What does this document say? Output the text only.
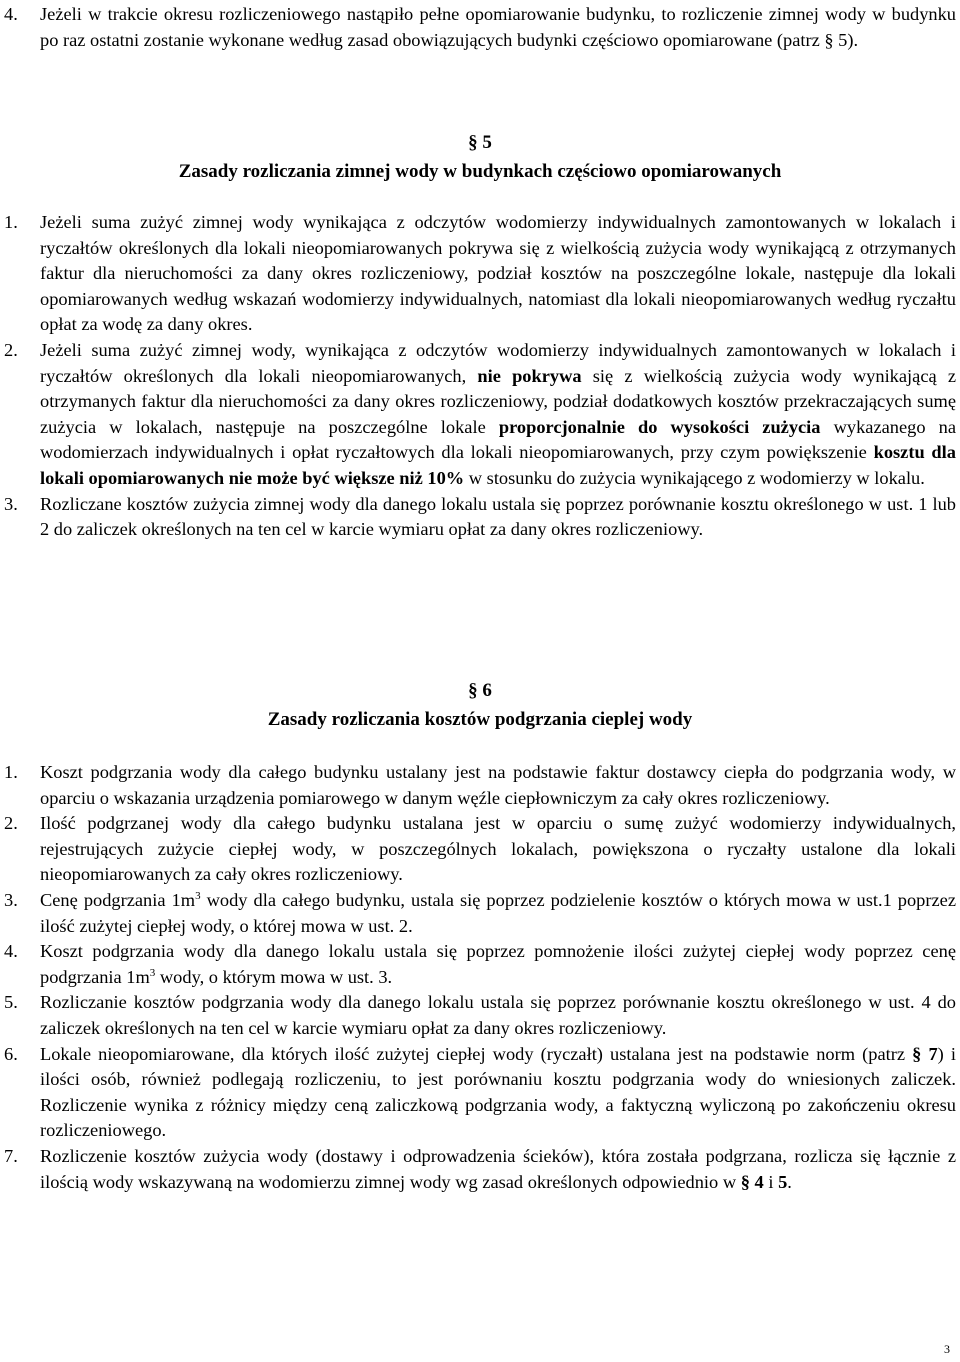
4. Jeżeli w trakcie okresu rozliczeniowego nastąpiło pełne opomiarowanie budynku, to rozliczenie zimnej wody w budynku po raz ostatni zostanie wykonane według zasad obowiązujących budynki częściowo opomiarowane (patrz § 5).
§ 5
Zasady rozliczania zimnej wody w budynkach częściowo opomiarowanych
1. Jeżeli suma zużyć zimnej wody wynikająca z odczytów wodomierzy indywidualnych zamontowanych w lokalach i ryczałtów określonych dla lokali nieopomiarowanych pokrywa się z wielkością zużycia wody wynikającą z otrzymanych faktur dla nieruchomości za dany okres rozliczeniowy, podział kosztów na poszczególne lokale, następuje dla lokali opomiarowanych według wskazań wodomierzy indywidualnych, natomiast dla lokali nieopomiarowanych według ryczałtu opłat za wodę za dany okres.
2. Jeżeli suma zużyć zimnej wody, wynikająca z odczytów wodomierzy indywidualnych zamontowanych w lokalach i ryczałtów określonych dla lokali nieopomiarowanych, nie pokrywa się z wielkością zużycia wody wynikającą z otrzymanych faktur dla nieruchomości za dany okres rozliczeniowy, podział dodatkowych kosztów przekraczających sumę zużycia w lokalach, następuje na poszczególne lokale proporcjonalnie do wysokości zużycia wykazanego na wodomierzach indywidualnych i opłat ryczałtowych dla lokali nieopomiarowanych, przy czym powiększenie kosztu dla lokali opomiarowanych nie może być większe niż 10% w stosunku do zużycia wynikającego z wodomierzy w lokalu.
3. Rozliczane kosztów zużycia zimnej wody dla danego lokalu ustala się poprzez porównanie kosztu określonego w ust. 1 lub 2 do zaliczek określonych na ten cel w karcie wymiaru opłat za dany okres rozliczeniowy.
§ 6
Zasady rozliczania kosztów podgrzania cieplej wody
1. Koszt podgrzania wody dla całego budynku ustalany jest na podstawie faktur dostawcy ciepła do podgrzania wody, w oparciu o wskazania urządzenia pomiarowego w danym węźle ciepłowniczym za cały okres rozliczeniowy.
2. Ilość podgrzanej wody dla całego budynku ustalana jest w oparciu o sumę zużyć wodomierzy indywidualnych, rejestrujących zużycie ciepłej wody, w poszczególnych lokalach, powiększona o ryczałty ustalone dla lokali nieopomiarowanych za cały okres rozliczeniowy.
3. Cenę podgrzania $1m^3$ wody dla całego budynku, ustala się poprzez podzielenie kosztów o których mowa w ust.1 poprzez ilość zużytej ciepłej wody, o której mowa w ust. 2.
4. Koszt podgrzania wody dla danego lokalu ustala się poprzez pomnożenie ilości zużytej ciepłej wody poprzez cenę podgrzania $1m^3$ wody, o którym mowa w ust. 3.
5. Rozliczanie kosztów podgrzania wody dla danego lokalu ustala się poprzez porównanie kosztu określonego w ust. 4 do zaliczek określonych na ten cel w karcie wymiaru opłat za dany okres rozliczeniowy.
6. Lokale nieopomiarowane, dla których ilość zużytej ciepłej wody (ryczałt) ustalana jest na podstawie norm (patrz § 7) i ilości osób, również podlegają rozliczeniu, to jest porównaniu kosztu podgrzania wody do wniesionych zaliczek. Rozliczenie wynika z różnicy między ceną zaliczkową podgrzania wody, a faktyczną wyliczoną po zakończeniu okresu rozliczeniowego.
7. Rozliczenie kosztów zużycia wody (dostawy i odprowadzenia ścieków), która została podgrzana, rozlicza się łącznie z ilością wody wskazywaną na wodomierzu zimnej wody wg zasad określonych odpowiednio w § 4 i 5.
3
